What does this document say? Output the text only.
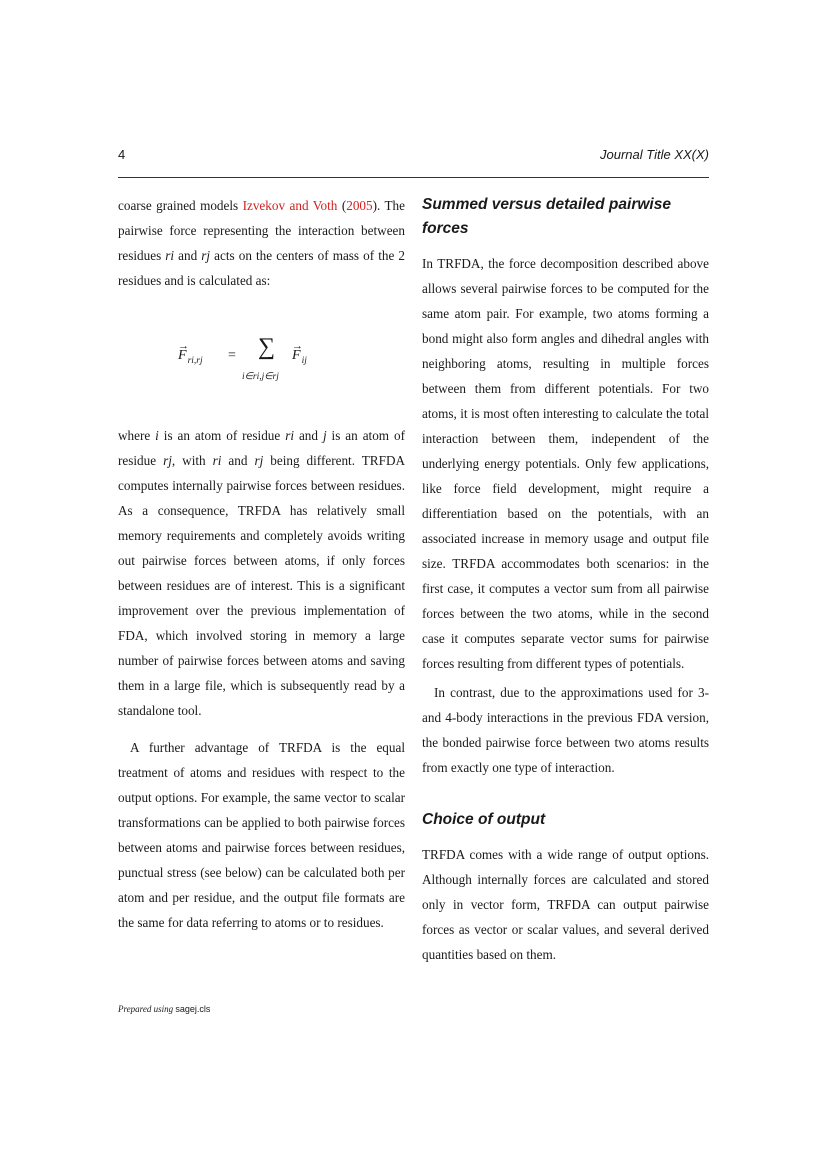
4	Journal Title XX(X)

coarse grained models Izvekov and Voth (2005). The pairwise force representing the interaction between residues ri and rj acts on the centers of mass of the 2 residues and is calculated as:

→
$F_{ri,rj}$ = ∑
i∈ri,j∈rj
→
$F_{ij}$

where i is an atom of residue ri and j is an atom of residue rj, with ri and rj being different. TRFDA computes internally pairwise forces between residues. As a consequence, TRFDA has relatively small memory requirements and completely avoids writing out pairwise forces between atoms, if only forces between residues are of interest. This is a significant improvement over the previous implementation of FDA, which involved storing in memory a large number of pairwise forces between atoms and saving them in a large file, which is subsequently read by a standalone tool.

A further advantage of TRFDA is the equal treatment of atoms and residues with respect to the output options. For example, the same vector to scalar transformations can be applied to both pairwise forces between atoms and pairwise forces between residues, punctual stress (see below) can be calculated both per atom and per residue, and the output file formats are the same for data referring to atoms or to residues.

Summed versus detailed pairwise forces

In TRFDA, the force decomposition described above allows several pairwise forces to be computed for the same atom pair. For example, two atoms forming a bond might also form angles and dihedral angles with neighboring atoms, resulting in multiple forces between them from different potentials. For two atoms, it is most often interesting to calculate the total interaction between them, independent of the underlying energy potentials. Only few applications, like force field development, might require a differentiation based on the potentials, with an associated increase in memory usage and output file size. TRFDA accommodates both scenarios: in the first case, it computes a vector sum from all pairwise forces between the two atoms, while in the second case it computes separate vector sums for pairwise forces resulting from different types of potentials.

In contrast, due to the approximations used for 3- and 4-body interactions in the previous FDA version, the bonded pairwise force between two atoms results from exactly one type of interaction.

Choice of output

TRFDA comes with a wide range of output options. Although internally forces are calculated and stored only in vector form, TRFDA can output pairwise forces as vector or scalar values, and several derived quantities based on them.

Prepared using sagej.cls
